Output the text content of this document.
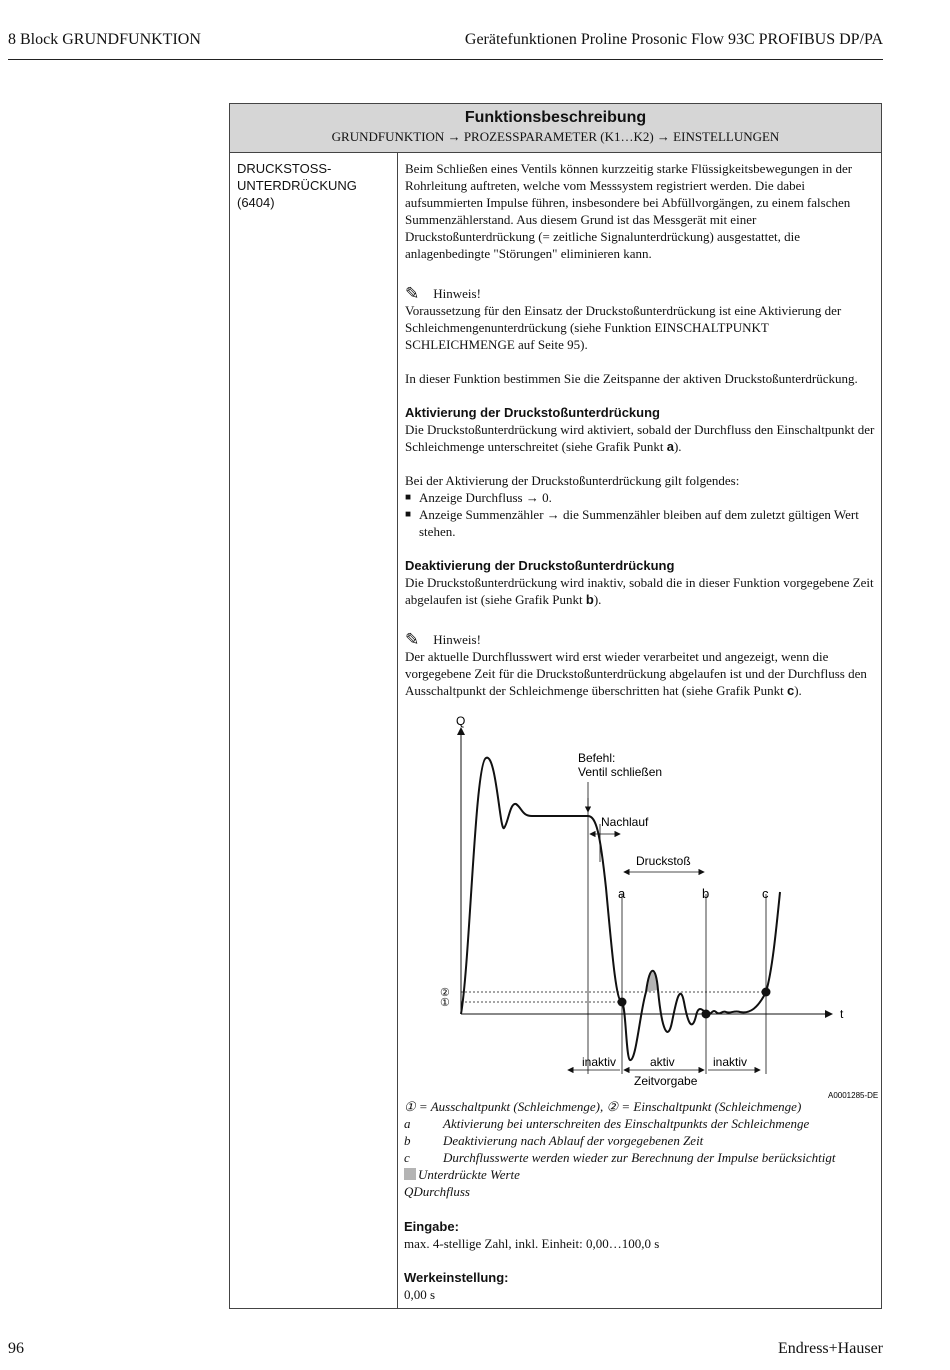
8 Block GRUNDFUNKTION	Gerätefunktionen Proline Prosonic Flow 93C PROFIBUS DP/PA
Funktionsbeschreibung
GRUNDFUNKTION → PROZESSPARAMETER (K1…K2) → EINSTELLUNGEN
DRUCKSTOSS-
UNTERDRÜCKUNG
(6404)

Beim Schließen eines Ventils können kurzzeitig starke Flüssigkeitsbewegungen in der Rohrleitung auftreten, welche vom Messsystem registriert werden. Die dabei aufsummierten Impulse führen, insbesondere bei Abfüllvorgängen, zu einem falschen Summenzählerstand. Aus diesem Grund ist das Messgerät mit einer Druckstoßunterdrückung (= zeitliche Signalunterdrückung) ausgestattet, die anlagenbedingte "Störungen" eliminieren kann.

✎ Hinweis!

Voraussetzung für den Einsatz der Druckstoßunterdrückung ist eine Aktivierung der Schleichmengenunterdrückung (siehe Funktion EINSCHALTPUNKT SCHLEICHMENGE auf Seite 95).

In dieser Funktion bestimmen Sie die Zeitspanne der aktiven Druckstoßunterdrückung.

Aktivierung der Druckstoßunterdrückung

Die Druckstoßunterdrückung wird aktiviert, sobald der Durchfluss den Einschaltpunkt der Schleichmenge unterschreitet (siehe Grafik Punkt a).

Bei der Aktivierung der Druckstoßunterdrückung gilt folgendes:

■ Anzeige Durchfluss → 0.
■ Anzeige Summenzähler → die Summenzähler bleiben auf dem zuletzt gültigen Wert stehen.
Deaktivierung der Druckstoßunterdrückung

Die Druckstoßunterdrückung wird inaktiv, sobald die in dieser Funktion vorgegebene Zeit abgelaufen ist (siehe Grafik Punkt b).

✎ Hinweis!

Der aktuelle Durchflusswert wird erst wieder verarbeitet und angezeigt, wenn die vorgegebene Zeit für die Druckstoßunterdrückung abgelaufen ist und der Durchfluss den Ausschaltpunkt der Schleichmenge überschritten hat (siehe Grafik Punkt c).

Q
t
②
①
Befehl:
Ventil schließen
Nachlauf
Druckstoß
a	b	c
inaktiv	aktiv	inaktiv
Zeitvorgabe
A0001285-DE
① = Ausschaltpunkt (Schleichmenge), ② = Einschaltpunkt (Schleichmenge)
a	Aktivierung bei unterschreiten des Einschaltpunkts der Schleichmenge
b	Deaktivierung nach Ablauf der vorgegebenen Zeit
c	Durchflusswerte werden wieder zur Berechnung der Impulse berücksichtigt
Unterdrückte Werte
QDurchfluss

Eingabe:

max. 4-stellige Zahl, inkl. Einheit: 0,00…100,0 s

Werkeinstellung:

0,00 s

96	Endress+Hauser
